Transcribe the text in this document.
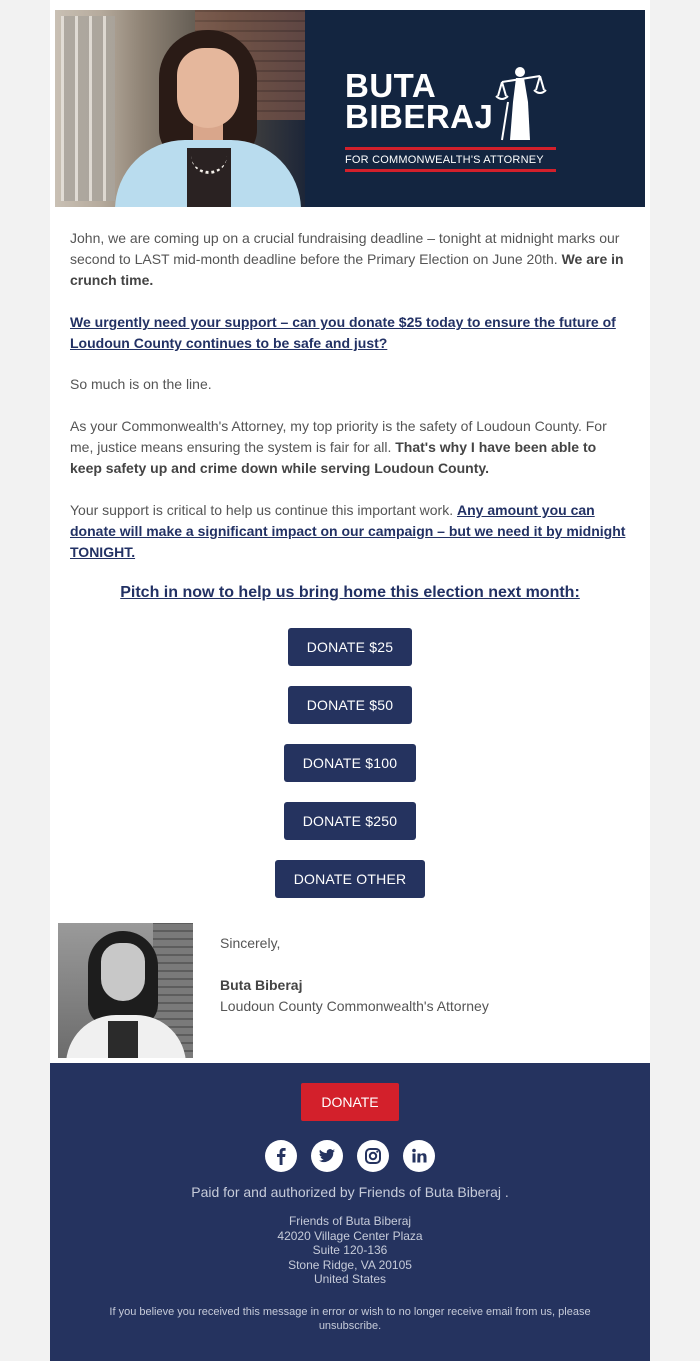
BUTA
BIBERAJ
FOR COMMONWEALTH'S ATTORNEY
John, we are coming up on a crucial fundraising deadline – tonight at midnight marks our second to LAST mid-month deadline before the Primary Election on June 20th. We are in crunch time.
We urgently need your support – can you donate $25 today to ensure the future of Loudoun County continues to be safe and just?
So much is on the line.
As your Commonwealth's Attorney, my top priority is the safety of Loudoun County. For me, justice means ensuring the system is fair for all. That's why I have been able to keep safety up and crime down while serving Loudoun County.
Your support is critical to help us continue this important work. Any amount you can donate will make a significant impact on our campaign – but we need it by midnight TONIGHT.
Pitch in now to help us bring home this election next month:
DONATE $25
DONATE $50
DONATE $100
DONATE $250
DONATE OTHER
Sincerely,
Buta Biberaj
Loudoun County Commonwealth's Attorney
DONATE
Paid for and authorized by Friends of Buta Biberaj .
Friends of Buta Biberaj
42020 Village Center Plaza
Suite 120-136
Stone Ridge, VA 20105
United States
If you believe you received this message in error or wish to no longer receive email from us, please unsubscribe.
